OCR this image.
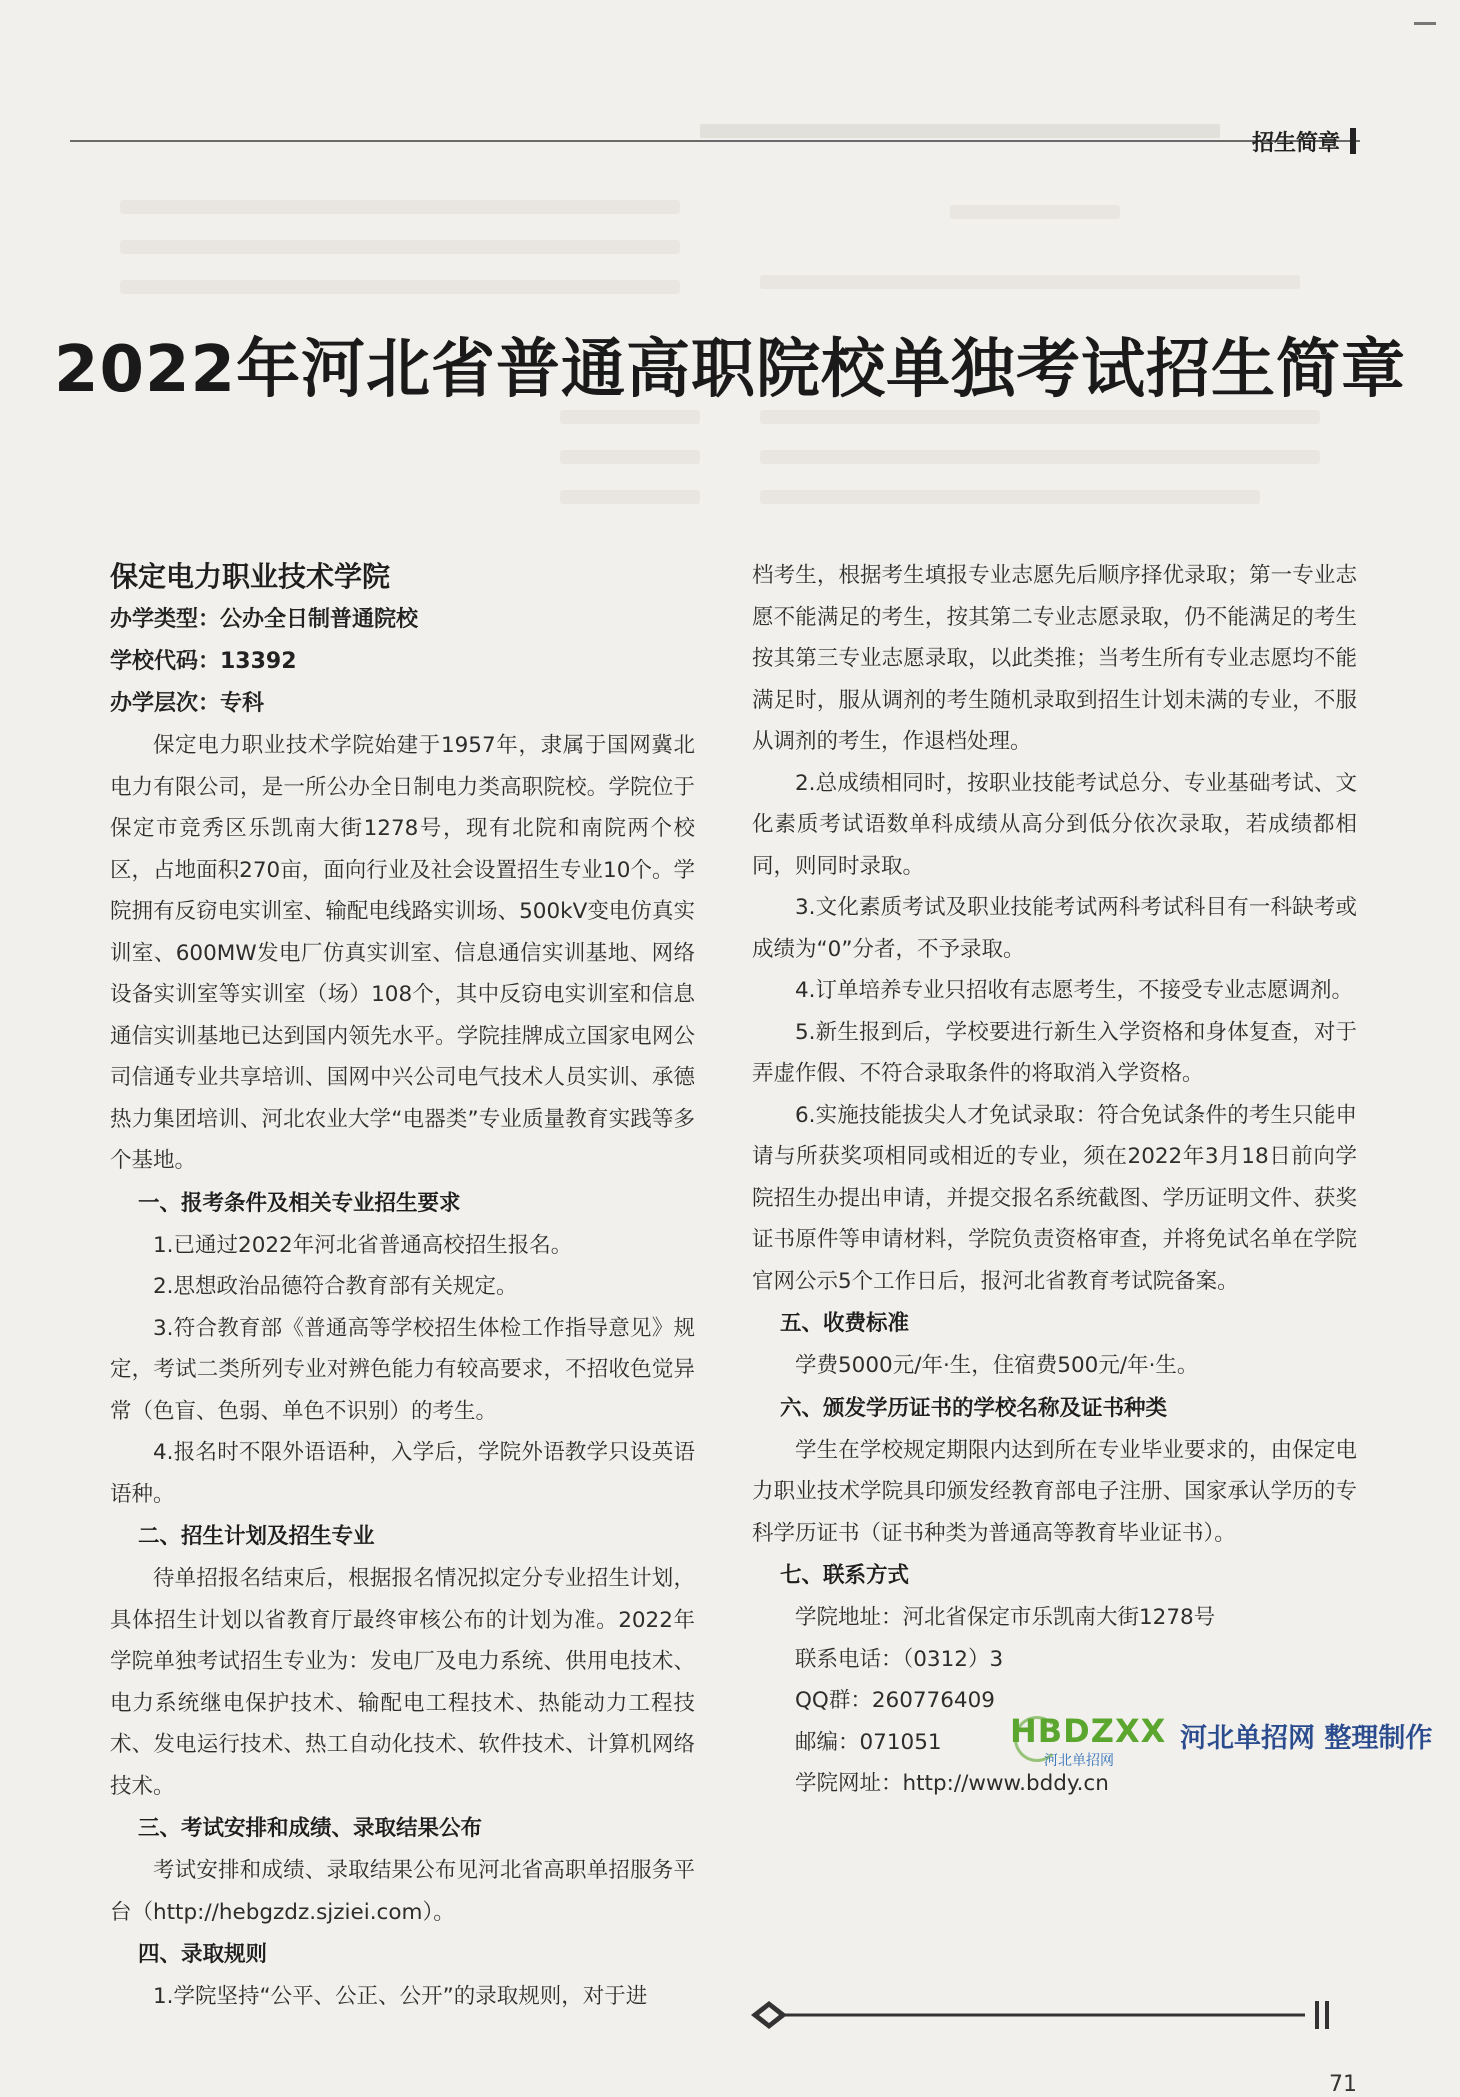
招生简章
2022年河北省普通高职院校单独考试招生简章

保定电力职业技术学院

办学类型：公办全日制普通院校

学校代码：13392

办学层次：专科

保定电力职业技术学院始建于1957年，隶属于国网冀北电力有限公司，是一所公办全日制电力类高职院校。学院位于保定市竞秀区乐凯南大街1278号，现有北院和南院两个校区，占地面积270亩，面向行业及社会设置招生专业10个。学院拥有反窃电实训室、输配电线路实训场、500kV变电仿真实训室、600MW发电厂仿真实训室、信息通信实训基地、网络设备实训室等实训室（场）108个，其中反窃电实训室和信息通信实训基地已达到国内领先水平。学院挂牌成立国家电网公司信通专业共享培训、国网中兴公司电气技术人员实训、承德热力集团培训、河北农业大学“电器类”专业质量教育实践等多个基地。

一、报考条件及相关专业招生要求

1.已通过2022年河北省普通高校招生报名。

2.思想政治品德符合教育部有关规定。

3.符合教育部《普通高等学校招生体检工作指导意见》规定，考试二类所列专业对辨色能力有较高要求，不招收色觉异常（色盲、色弱、单色不识别）的考生。

4.报名时不限外语语种，入学后，学院外语教学只设英语语种。

二、招生计划及招生专业

待单招报名结束后，根据报名情况拟定分专业招生计划，具体招生计划以省教育厅最终审核公布的计划为准。2022年学院单独考试招生专业为：发电厂及电力系统、供用电技术、电力系统继电保护技术、输配电工程技术、热能动力工程技术、发电运行技术、热工自动化技术、软件技术、计算机网络技术。

三、考试安排和成绩、录取结果公布

考试安排和成绩、录取结果公布见河北省高职单招服务平台（http://hebgzdz.sjziei.com）。

四、录取规则

1.学院坚持“公平、公正、公开”的录取规则，对于进

档考生，根据考生填报专业志愿先后顺序择优录取；第一专业志愿不能满足的考生，按其第二专业志愿录取，仍不能满足的考生按其第三专业志愿录取，以此类推；当考生所有专业志愿均不能满足时，服从调剂的考生随机录取到招生计划未满的专业，不服从调剂的考生，作退档处理。

2.总成绩相同时，按职业技能考试总分、专业基础考试、文化素质考试语数单科成绩从高分到低分依次录取，若成绩都相同，则同时录取。

3.文化素质考试及职业技能考试两科考试科目有一科缺考或成绩为“0”分者，不予录取。

4.订单培养专业只招收有志愿考生，不接受专业志愿调剂。

5.新生报到后，学校要进行新生入学资格和身体复查，对于弄虚作假、不符合录取条件的将取消入学资格。

6.实施技能拔尖人才免试录取：符合免试条件的考生只能申请与所获奖项相同或相近的专业，须在2022年3月18日前向学院招生办提出申请，并提交报名系统截图、学历证明文件、获奖证书原件等申请材料，学院负责资格审查，并将免试名单在学院官网公示5个工作日后，报河北省教育考试院备案。

五、收费标准

学费5000元/年·生，住宿费500元/年·生。

六、颁发学历证书的学校名称及证书种类

学生在学校规定期限内达到所在专业毕业要求的，由保定电力职业技术学院具印颁发经教育部电子注册、国家承认学历的专科学历证书（证书种类为普通高等教育毕业证书）。

七、联系方式

学院地址：河北省保定市乐凯南大街1278号

联系电话：（0312）3

QQ群：260776409

邮编：071051

学院网址：http://www.bddy.cn

HBDZXX
河北单招网
河北单招网 整理制作
71
